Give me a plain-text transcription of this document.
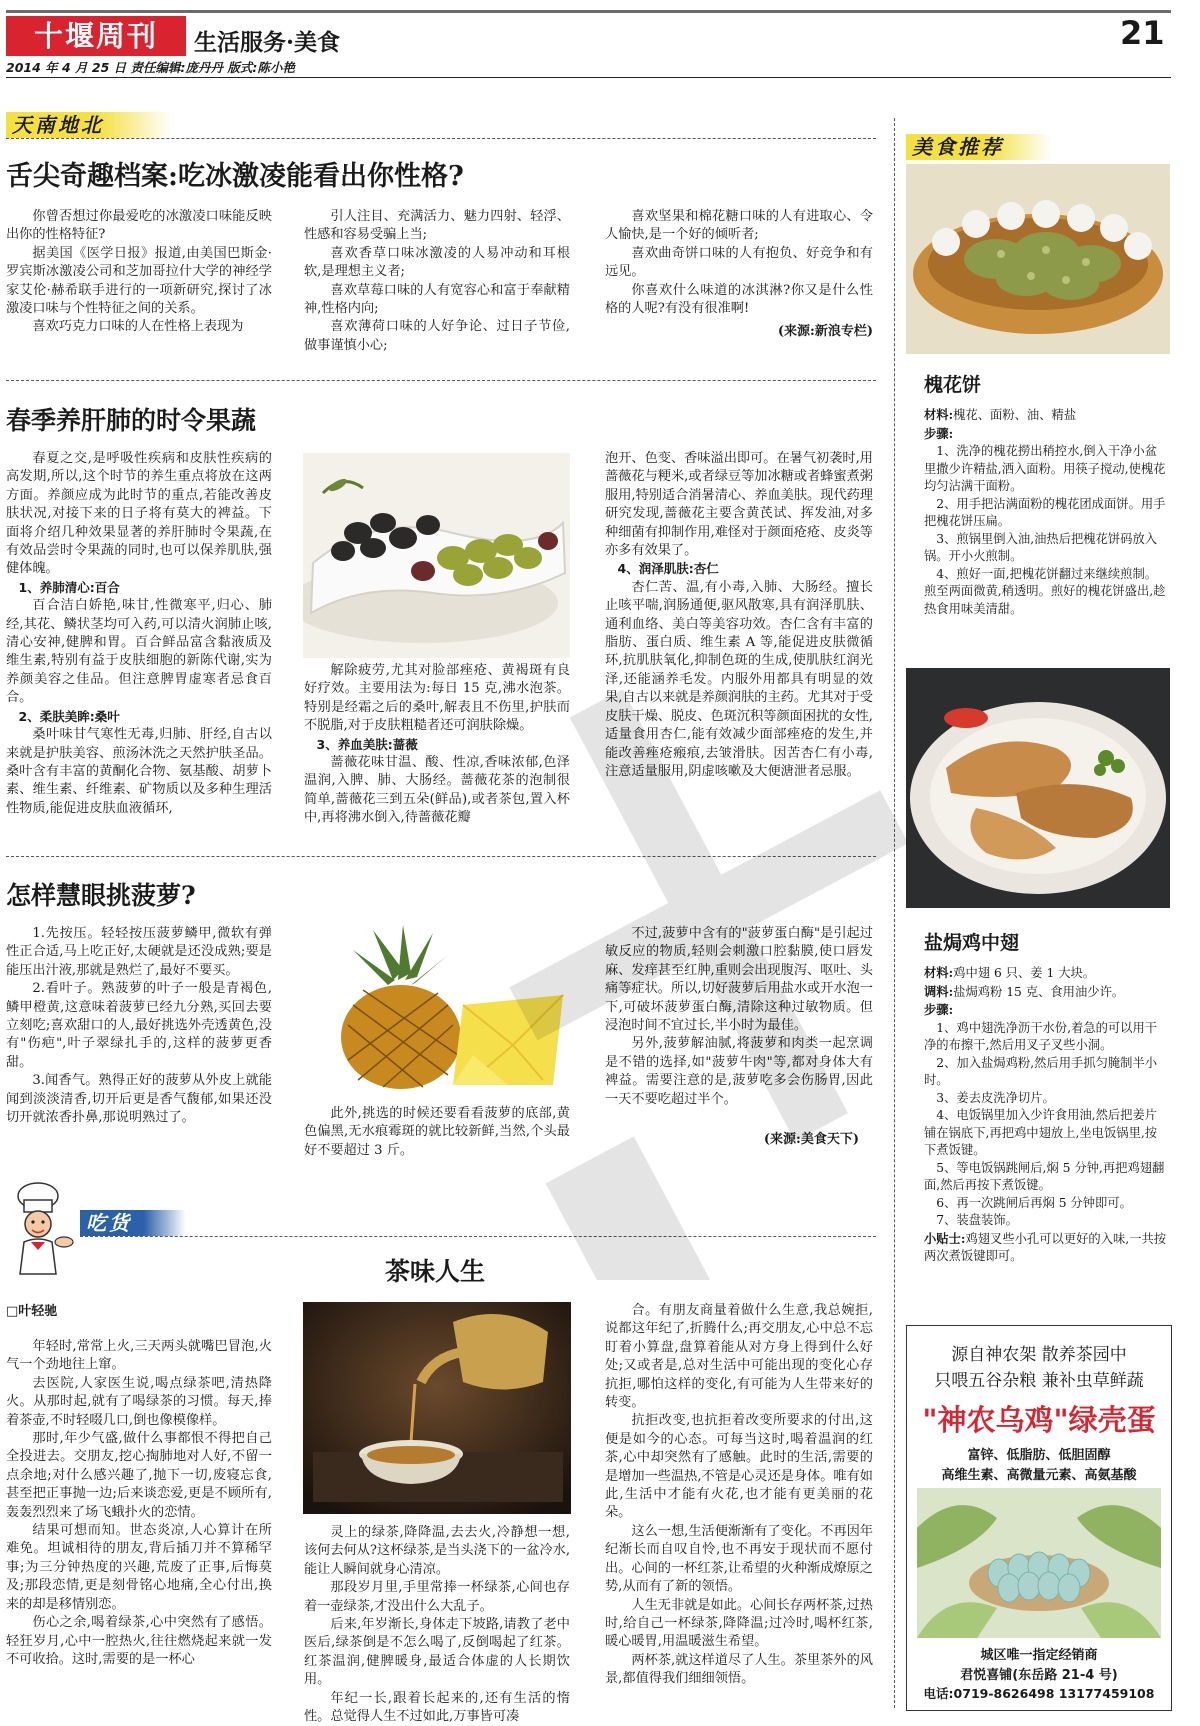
十堰周刊	生活服务·美食	21
2014 年 4 月 25 日 责任编辑:庞丹丹 版式:陈小艳
天南地北
舌尖奇趣档案:吃冰激凌能看出你性格?

你曾否想过你最爱吃的冰激凌口味能反映出你的性格特征?

据美国《医学日报》报道,由美国巴斯金·罗宾斯冰激凌公司和芝加哥拉什大学的神经学家艾伦·赫希联手进行的一项新研究,探讨了冰激凌口味与个性特征之间的关系。

喜欢巧克力口味的人在性格上表现为

引人注目、充满活力、魅力四射、轻浮、性感和容易受骗上当;

喜欢香草口味冰激凌的人易冲动和耳根软,是理想主义者;

喜欢草莓口味的人有宽容心和富于奉献精神,性格内向;

喜欢薄荷口味的人好争论、过日子节俭,做事谨慎小心;

喜欢坚果和棉花糖口味的人有进取心、令人愉快,是一个好的倾听者;

喜欢曲奇饼口味的人有抱负、好竞争和有远见。

你喜欢什么味道的冰淇淋?你又是什么性格的人呢?有没有很准啊!

(来源:新浪专栏)
春季养肝肺的时令果蔬

春夏之交,是呼吸性疾病和皮肤性疾病的高发期,所以,这个时节的养生重点将放在这两方面。养颜应成为此时节的重点,若能改善皮肤状况,对接下来的日子将有莫大的裨益。下面将介绍几种效果显著的养肝肺时令果蔬,在有效品尝时令果蔬的同时,也可以保养肌肤,强健体魄。

1、养肺清心:百合

百合洁白娇艳,味甘,性微寒平,归心、肺经,其花、鳞状茎均可入药,可以清火润肺止咳,清心安神,健脾和胃。百合鲜品富含黏液质及维生素,特别有益于皮肤细胞的新陈代谢,实为养颜美容之佳品。但注意脾胃虚寒者忌食百合。

2、柔肤美眸:桑叶

桑叶味甘气寒性无毒,归肺、肝经,自古以来就是护肤美容、煎汤沐洗之天然护肤圣品。桑叶含有丰富的黄酮化合物、氨基酸、胡萝卜素、维生素、纤维素、矿物质以及多种生理活性物质,能促进皮肤血液循环,

解除疲劳,尤其对脸部痤疮、黄褐斑有良好疗效。主要用法为:每日 15 克,沸水泡茶。特别是经霜之后的桑叶,解表且不伤里,护肤而不脱脂,对于皮肤粗糙者还可润肤除燥。

3、养血美肤:蔷薇

蔷薇花味甘温、酸、性凉,香味浓郁,色泽温润,入脾、肺、大肠经。蔷薇花茶的泡制很简单,蔷薇花三到五朵(鲜品),或者茶包,置入杯中,再将沸水倒入,待蔷薇花瓣

泡开、色变、香味溢出即可。在暑气初袭时,用蔷薇花与粳米,或者绿豆等加冰糖或者蜂蜜煮粥服用,特别适合消暑清心、养血美肤。现代药理研究发现,蔷薇花主要含黄芪试、挥发油,对多种细菌有抑制作用,难怪对于颜面疮疮、皮炎等亦多有效果了。

4、润泽肌肤:杏仁

杏仁苦、温,有小毒,入肺、大肠经。擅长止咳平喘,润肠通便,驱风散寒,具有润泽肌肤、通利血络、美白等美容功效。杏仁含有丰富的脂肪、蛋白质、维生素 A 等,能促进皮肤微循环,抗肌肤氧化,抑制色斑的生成,使肌肤红润光泽,还能涵养毛发。内服外用都具有明显的效果,自古以来就是养颜润肤的主药。尤其对于受皮肤干燥、脱皮、色斑沉积等颜面困扰的女性,适量食用杏仁,能有效减少面部痤疮的发生,并能改善痤疮瘢痕,去皱滑肤。因苦杏仁有小毒,注意适量服用,阴虚咳嗽及大便溏泄者忌服。

怎样慧眼挑菠萝?

1.先按压。轻轻按压菠萝鳞甲,微软有弹性正合适,马上吃正好,太硬就是还没成熟;要是能压出汁液,那就是熟烂了,最好不要买。

2.看叶子。熟菠萝的叶子一般是青褐色,鳞甲橙黄,这意味着菠萝已经九分熟,买回去要立刻吃;喜欢甜口的人,最好挑选外壳透黄色,没有"伤疤",叶子翠绿扎手的,这样的菠萝更香甜。

3.闻香气。熟得正好的菠萝从外皮上就能闻到淡淡清香,切开后更是香气馥郁,如果还没切开就浓香扑鼻,那说明熟过了。	此外,挑选的时候还要看看菠萝的底部,黄色偏黑,无水痕霉斑的就比较新鲜,当然,个头最好不要超过 3 斤。

不过,菠萝中含有的"菠萝蛋白酶"是引起过敏反应的物质,轻则会刺激口腔黏膜,使口唇发麻、发痒甚至红肿,重则会出现腹泻、呕吐、头痛等症状。所以,切好菠萝后用盐水或开水泡一下,可破坏菠萝蛋白酶,清除这种过敏物质。但浸泡时间不宜过长,半小时为最佳。

另外,菠萝解油腻,将菠萝和肉类一起烹调是不错的选择,如"菠萝牛肉"等,都对身体大有裨益。需要注意的是,菠萝吃多会伤肠胃,因此一天不要吃超过半个。

(来源:美食天下)
吃货
茶味人生
□叶轻驰

年轻时,常常上火,三天两头就嘴巴冒泡,火气一个劲地往上窜。

去医院,人家医生说,喝点绿茶吧,清热降火。从那时起,就有了喝绿茶的习惯。每天,捧着茶壶,不时轻啜几口,倒也像模像样。

那时,年少气盛,做什么事都恨不得把自己全投进去。交朋友,挖心掏肺地对人好,不留一点余地;对什么感兴趣了,抛下一切,废寝忘食,甚至把正事抛一边;后来谈恋爱,更是不顾所有,轰轰烈烈来了场飞蛾扑火的恋情。

结果可想而知。世态炎凉,人心算计在所难免。坦诚相待的朋友,背后插刀并不算稀罕事;为三分钟热度的兴趣,荒废了正事,后悔莫及;那段恋情,更是刻骨铭心地痛,全心付出,换来的却是移情别恋。

伤心之余,喝着绿茶,心中突然有了感悟。轻狂岁月,心中一腔热火,往往燃烧起来就一发不可收拾。这时,需要的是一杯心

灵上的绿茶,降降温,去去火,冷静想一想,该何去何从?这杯绿茶,是当头浇下的一盆冷水,能让人瞬间就身心清凉。

那段岁月里,手里常捧一杯绿茶,心间也存着一壶绿茶,才没出什么大乱子。

后来,年岁渐长,身体走下坡路,请教了老中医后,绿茶倒是不怎么喝了,反倒喝起了红茶。红茶温润,健脾暖身,最适合体虚的人长期饮用。

年纪一长,跟着长起来的,还有生活的惰性。总觉得人生不过如此,万事皆可凑

合。有朋友商量着做什么生意,我总婉拒,说都这年纪了,折腾什么;再交朋友,心中总不忘盯着小算盘,盘算着能从对方身上得到什么好处;又或者是,总对生活中可能出现的变化心存抗拒,哪怕这样的变化,有可能为人生带来好的转变。

抗拒改变,也抗拒着改变所要求的付出,这便是如今的心态。可每当这时,喝着温润的红茶,心中却突然有了感触。此时的生活,需要的是增加一些温热,不管是心灵还是身体。唯有如此,生活中才能有火花,也才能有更美丽的花朵。

这么一想,生活便渐渐有了变化。不再因年纪渐长而自叹自怜,也不再安于现状而不愿付出。心间的一杯红茶,让希望的火种渐成燎原之势,从而有了新的领悟。

人生无非就是如此。心间长存两杯茶,过热时,给自己一杯绿茶,降降温;过冷时,喝杯红茶,暖心暖胃,用温暖滋生希望。

两杯茶,就这样道尽了人生。茶里茶外的风景,都值得我们细细领悟。

美食推荐
槐花饼

材料:槐花、面粉、油、精盐

步骤:

1、洗净的槐花撈出稍控水,倒入干净小盆里撒少许精盐,洒入面粉。用筷子搅动,使槐花均匀沾满干面粉。

2、用手把沾满面粉的槐花团成面饼。用手把槐花饼压扁。

3、煎锅里倒入油,油热后把槐花饼码放入锅。开小火煎制。

4、煎好一面,把槐花饼翻过来继续煎制。煎至两面微黄,稍透明。煎好的槐花饼盛出,趁热食用味美清甜。

盐焗鸡中翅

材料:鸡中翅 6 只、姜 1 大块。

调料:盐焗鸡粉 15 克、食用油少许。

步骤:

1、鸡中翅洗净沥干水份,着急的可以用干净的布擦干,然后用叉子叉些小洞。

2、加入盐焗鸡粉,然后用手抓匀腌制半小时。

3、姜去皮洗净切片。

4、电饭锅里加入少许食用油,然后把姜片铺在锅底下,再把鸡中翅放上,坐电饭锅里,按下煮饭键。

5、等电饭锅跳闸后,焖 5 分钟,再把鸡翅翻面,然后再按下煮饭键。

6、再一次跳闸后再焖 5 分钟即可。

7、装盘装饰。

小贴士:鸡翅叉些小孔可以更好的入味,一共按两次煮饭键即可。

源自神农架 散养茶园中
只喂五谷杂粮 兼补虫草鲜蔬
"神农乌鸡"绿壳蛋
富锌、低脂肪、低胆固醇
高维生素、高微量元素、高氨基酸
城区唯一指定经销商
君悦喜铺(东岳路 21-4 号)
电话:0719-8626498 13177459108
